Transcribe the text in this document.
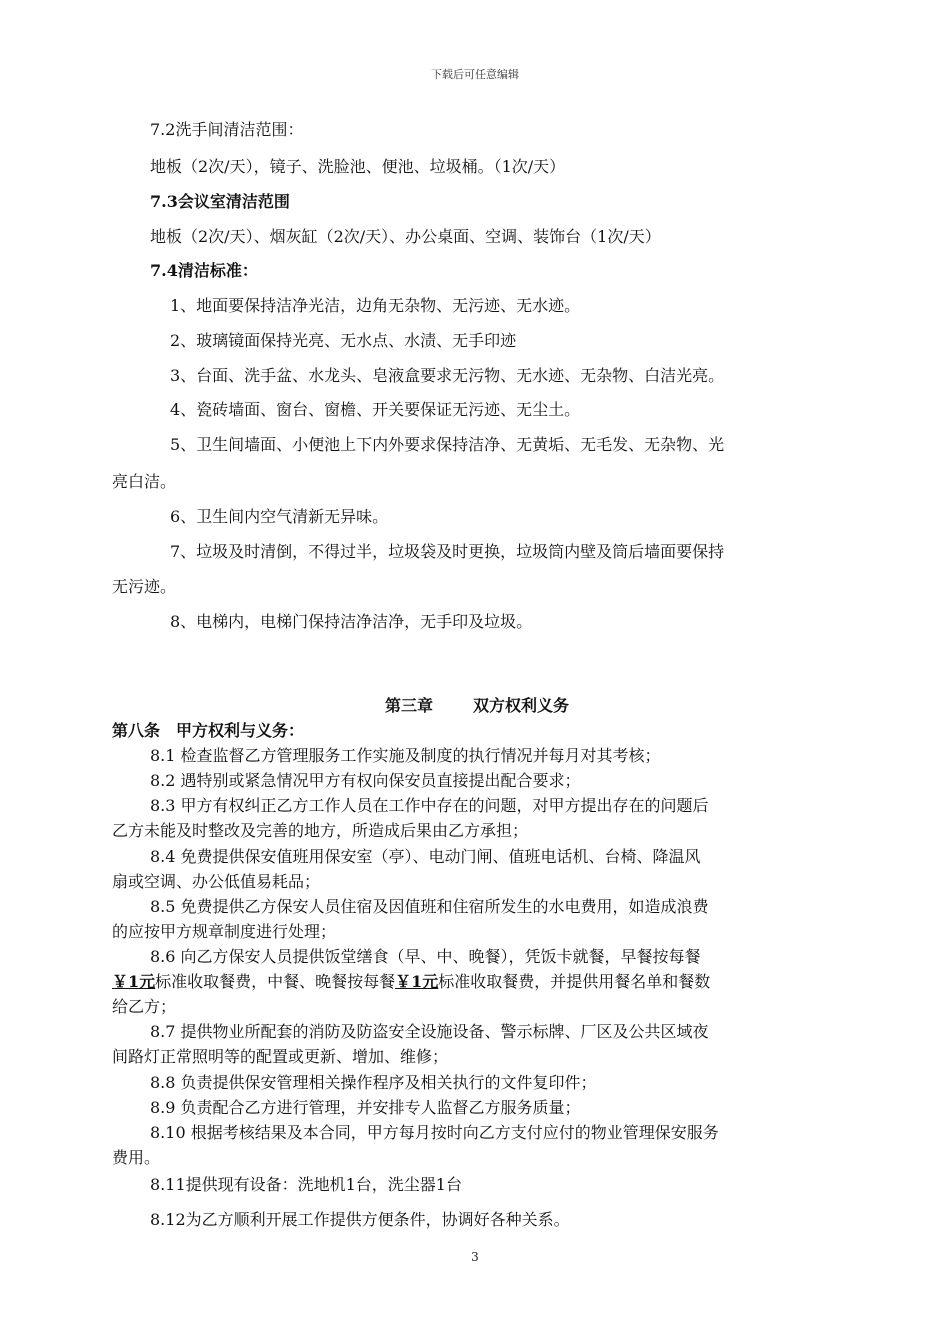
下载后可任意编辑
7.2洗手间清洁范围：
地板（2次/天），镜子、洗脸池、便池、垃圾桶。（1次/天）
7.3会议室清洁范围
地板（2次/天）、烟灰缸（2次/天）、办公桌面、空调、装饰台（1次/天）
7.4清洁标准：
1、地面要保持洁净光洁，边角无杂物、无污迹、无水迹。
2、玻璃镜面保持光亮、无水点、水渍、无手印迹
3、台面、洗手盆、水龙头、皂液盒要求无污物、无水迹、无杂物、白洁光亮。
4、瓷砖墙面、窗台、窗檐、开关要保证无污迹、无尘土。
5、卫生间墙面、小便池上下内外要求保持洁净、无黄垢、无毛发、无杂物、光
亮白洁。
6、卫生间内空气清新无异味。
7、垃圾及时清倒，不得过半，垃圾袋及时更换，垃圾筒内壁及筒后墙面要保持
无污迹。
8、电梯内，电梯门保持洁净洁净，无手印及垃圾。
第三章	双方权利义务
第八条 甲方权利与义务：
8.1 检查监督乙方管理服务工作实施及制度的执行情况并每月对其考核；
8.2 遇特别或紧急情况甲方有权向保安员直接提出配合要求；
8.3 甲方有权纠正乙方工作人员在工作中存在的问题，对甲方提出存在的问题后
乙方未能及时整改及完善的地方，所造成后果由乙方承担；
8.4 免费提供保安值班用保安室（亭）、电动门闸、值班电话机、台椅、降温风
扇或空调、办公低值易耗品；
8.5 免费提供乙方保安人员住宿及因值班和住宿所发生的水电费用，如造成浪费
的应按甲方规章制度进行处理；
8.6 向乙方保安人员提供饭堂缮食（早、中、晚餐），凭饭卡就餐，早餐按每餐
￥1元标准收取餐费，中餐、晚餐按每餐￥1元标准收取餐费，并提供用餐名单和餐数
给乙方；
8.7 提供物业所配套的消防及防盗安全设施设备、警示标牌、厂区及公共区域夜
间路灯正常照明等的配置或更新、增加、维修；
8.8 负责提供保安管理相关操作程序及相关执行的文件复印件；
8.9 负责配合乙方进行管理，并安排专人监督乙方服务质量；
8.10 根据考核结果及本合同，甲方每月按时向乙方支付应付的物业管理保安服务
费用。
8.11提供现有设备：洗地机1台，洗尘器1台
8.12为乙方顺利开展工作提供方便条件，协调好各种关系。
3
